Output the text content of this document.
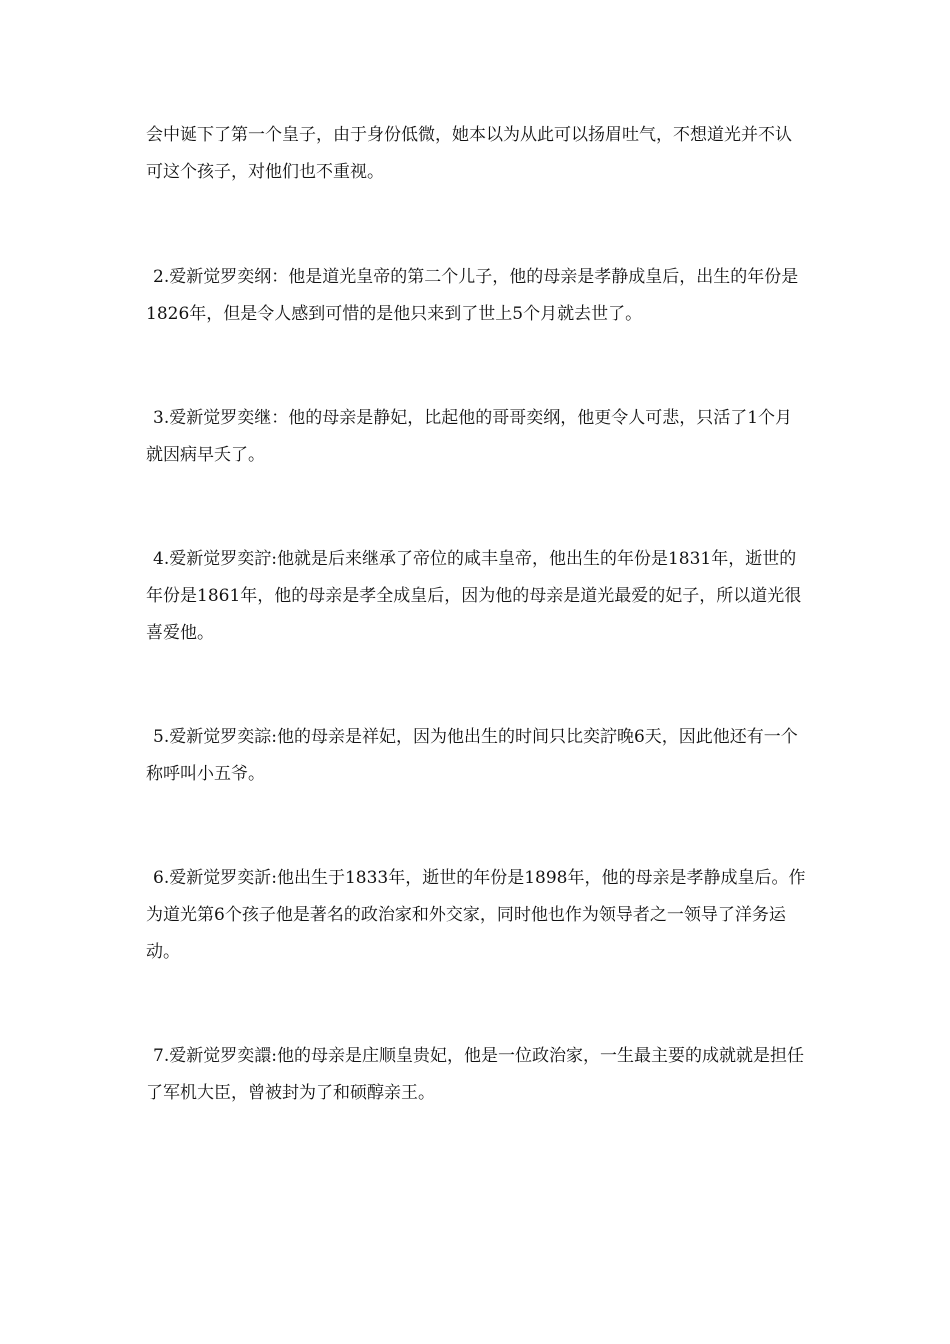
会中诞下了第一个皇子，由于身份低微，她本以为从此可以扬眉吐气，不想道光并不认可这个孩子，对他们也不重视。

2.爱新觉罗奕纲：他是道光皇帝的第二个儿子，他的母亲是孝静成皇后，出生的年份是1826年，但是令人感到可惜的是他只来到了世上5个月就去世了。

3.爱新觉罗奕继：他的母亲是静妃，比起他的哥哥奕纲，他更令人可悲，只活了1个月就因病早夭了。

4.爱新觉罗奕詝:他就是后来继承了帝位的咸丰皇帝，他出生的年份是1831年，逝世的年份是1861年，他的母亲是孝全成皇后，因为他的母亲是道光最爱的妃子，所以道光很喜爱他。

5.爱新觉罗奕誴:他的母亲是祥妃，因为他出生的时间只比奕詝晚6天，因此他还有一个称呼叫小五爷。

6.爱新觉罗奕訢:他出生于1833年，逝世的年份是1898年，他的母亲是孝静成皇后。作为道光第6个孩子他是著名的政治家和外交家，同时他也作为领导者之一领导了洋务运动。

7.爱新觉罗奕譞:他的母亲是庄顺皇贵妃，他是一位政治家，一生最主要的成就就是担任了军机大臣，曾被封为了和硕醇亲王。
